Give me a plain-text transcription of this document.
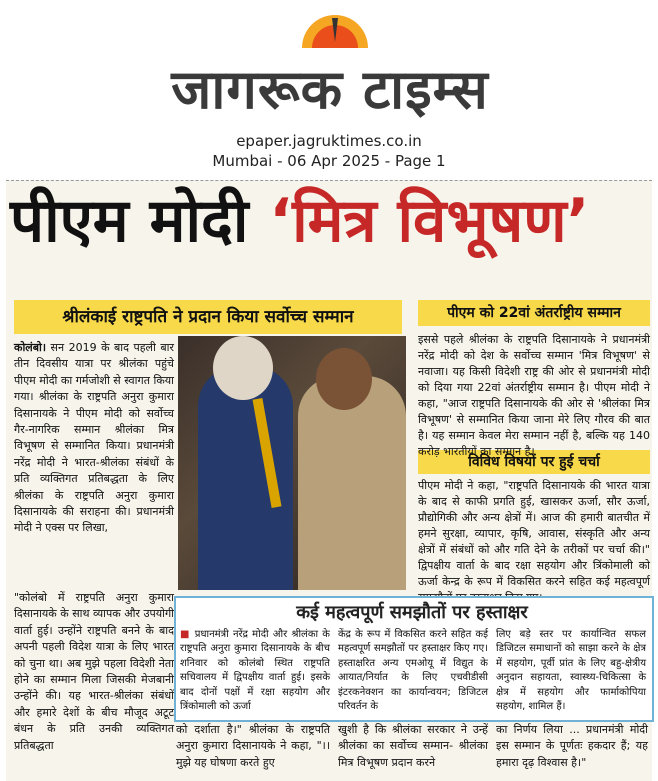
जागरूक टाइम्स
epaper.jagruktimes.co.in
Mumbai - 06 Apr 2025 - Page 1
पीएम मोदी ‘मित्र विभूषण’
श्रीलंकाई राष्ट्रपति ने प्रदान किया सर्वोच्च सम्मान	पीएम को 22वां अंतर्राष्ट्रीय सम्मान
विविध विषयों पर हुई चर्चा
कोलंबो। सन 2019 के बाद पहली बार तीन दिवसीय यात्रा पर श्रीलंका पहुंचे पीएम मोदी का गर्मजोशी से स्वागत किया गया। श्रीलंका के राष्ट्रपति अनुरा कुमारा दिसानायके ने पीएम मोदी को सर्वोच्च गैर-नागरिक सम्मान श्रीलंका मित्र विभूषण से सम्मानित किया। प्रधानमंत्री नरेंद्र मोदी ने भारत-श्रीलंका संबंधों के प्रति व्यक्तिगत प्रतिबद्धता के लिए श्रीलंका के राष्ट्रपति अनुरा कुमारा दिसानायके की सराहना की। प्रधानमंत्री मोदी ने एक्स पर लिखा,
"कोलंबो में राष्ट्रपति अनुरा कुमारा दिसानायके के साथ व्यापक और उपयोगी वार्ता हुई। उन्होंने राष्ट्रपति बनने के बाद अपनी पहली विदेश यात्रा के लिए भारत को चुना था। अब मुझे पहला विदेशी नेता होने का सम्मान मिला जिसकी मेजबानी उन्होंने की। यह भारत-श्रीलंका संबंधों और हमारे देशों के बीच मौजूद अटूट बंधन के प्रति उनकी व्यक्तिगत प्रतिबद्धता
इससे पहले श्रीलंका के राष्ट्रपति दिसानायके ने प्रधानमंत्री नरेंद्र मोदी को देश के सर्वोच्च सम्मान 'मित्र विभूषण' से नवाजा। यह किसी विदेशी राष्ट्र की ओर से प्रधानमंत्री मोदी को दिया गया 22वां अंतर्राष्ट्रीय सम्मान है। पीएम मोदी ने कहा, "आज राष्ट्रपति दिसानायके की ओर से 'श्रीलंका मित्र विभूषण' से सम्मानित किया जाना मेरे लिए गौरव की बात है। यह सम्मान केवल मेरा सम्मान नहीं है, बल्कि यह 140 करोड़ भारतीयों का सम्मान है।
पीएम मोदी ने कहा, "राष्ट्रपति दिसानायके की भारत यात्रा के बाद से काफी प्रगति हुई, खासकर ऊर्जा, सौर ऊर्जा, प्रौद्योगिकी और अन्य क्षेत्रों में। आज की हमारी बातचीत में हमने सुरक्षा, व्यापार, कृषि, आवास, संस्कृति और अन्य क्षेत्रों में संबंधों को और गति देने के तरीकों पर चर्चा की।" द्विपक्षीय वार्ता के बाद रक्षा सहयोग और त्रिंकोमाली को ऊर्जा केन्द्र के रूप में विकसित करने सहित कई महत्वपूर्ण
कई महत्वपूर्ण समझौतों पर हस्ताक्षर
■ प्रधानमंत्री नरेंद्र मोदी और श्रीलंका के राष्ट्रपति अनुरा कुमारा दिसानायके के बीच शनिवार को कोलंबो स्थित राष्ट्रपति सचिवालय में द्विपक्षीय वार्ता हुई। इसके बाद दोनों पक्षों में रक्षा सहयोग और त्रिंकोमाली को ऊर्जा
केंद्र के रूप में विकसित करने सहित कई महत्वपूर्ण समझौतों पर हस्ताक्षर किए गए। हस्ताक्षरित अन्य एमओयू में विद्युत के आयात/निर्यात के लिए एचवीडीसी इंटरकनेक्शन का कार्यान्वयन; डिजिटल परिवर्तन के
लिए बड़े स्तर पर कार्यान्वित सफल डिजिटल समाधानों को साझा करने के क्षेत्र में सहयोग, पूर्वी प्रांत के लिए बहु-क्षेत्रीय अनुदान सहायता, स्वास्थ्य-चिकित्सा के क्षेत्र में सहयोग और फार्माकोपिया सहयोग, शामिल हैं।
को दर्शाता है।" श्रीलंका के राष्ट्रपति अनुरा कुमारा दिसानायके ने कहा, "।।मुझे यह घोषणा करते हुए
खुशी है कि श्रीलंका सरकार ने उन्हें श्रीलंका का सर्वोच्च सम्मान- श्रीलंका मित्र विभूषण प्रदान करने
का निर्णय लिया ... प्रधानमंत्री मोदी इस सम्मान के पूर्णतः हकदार हैं; यह हमारा दृढ़ विश्वास है।"
